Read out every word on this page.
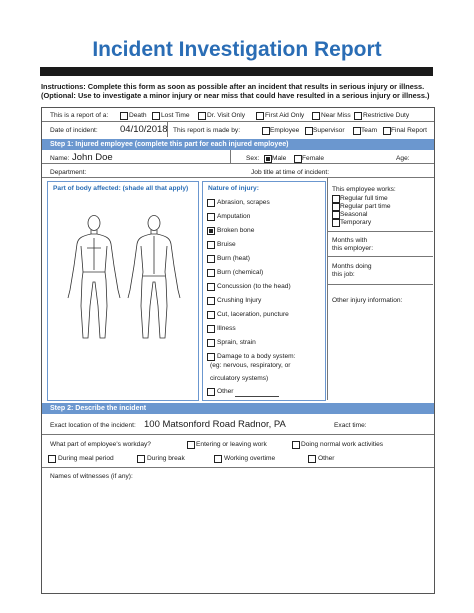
Incident Investigation Report
Instructions: Complete this form as soon as possible after an incident that results in serious injury or illness. (Optional: Use to investigate a minor injury or near miss that could have resulted in a serious injury or illness.)
This is a report of a:	Death Lost Time	Dr. Visit Only	First Aid Only	Near Miss Restrictive Duty
Date of incident: 04/10/2018 This report is made by:	Employee Supervisor Team Final Report
Step 1: Injured employee (complete this part for each injured employee)
Name: John Doe	Sex: Male Female	Age:
Department:	Job title at time of incident:
Part of body affected: (shade all that apply)	Nature of injury:
Abrasion, scrapes
Amputation
Broken bone
Bruise
Burn (heat)
Burn (chemical)
Concussion (to the head)
Crushing Injury
Cut, laceration, puncture
Illness
Sprain, strain
Damage to a body system:
(eg: nervous, respiratory, or
circulatory systems)
Other
This employee works:
Regular full time
Regular part time
Seasonal
Temporary
Months with
this employer:
Months doing
this job:
Other injury information:
Step 2: Describe the incident
Exact location of the incident: 100 Matsonford Road Radnor, PA	Exact time:
What part of employee's workday?	Entering or leaving work	Doing normal work activities
During meal period	During break	Working overtime	Other
Names of witnesses (if any):
